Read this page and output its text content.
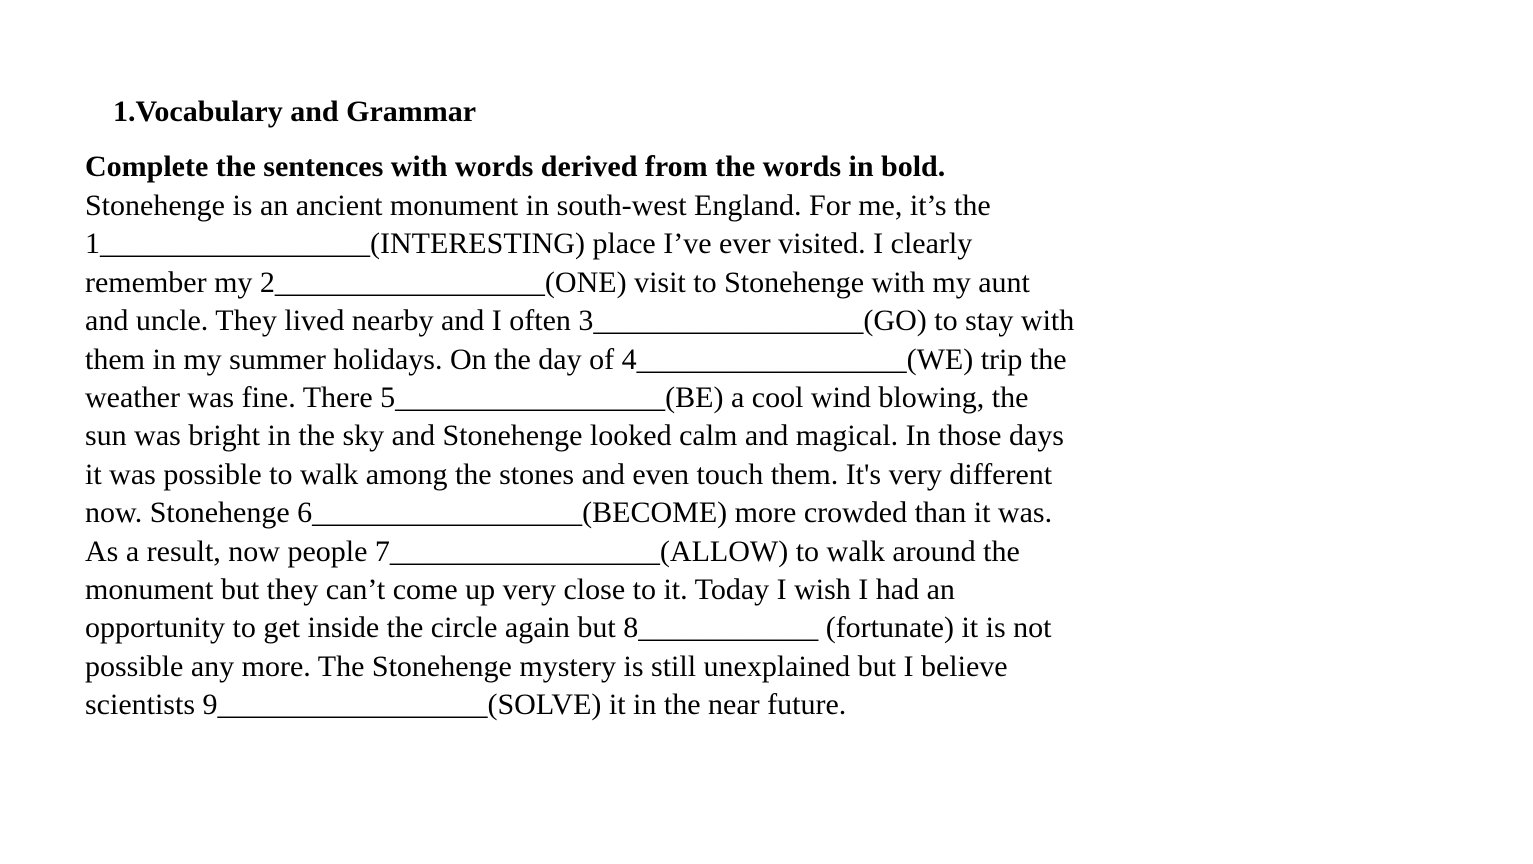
1.Vocabulary and Grammar

Complete the sentences with words derived from the words in bold.

Stonehenge is an ancient monument in south-west England. For me, it’s the
1__________________(INTERESTING) place I’ve ever visited. I clearly
remember my 2__________________(ONE) visit to Stonehenge with my aunt
and uncle. They lived nearby and I often 3__________________(GO) to stay with
them in my summer holidays. On the day of 4__________________(WE) trip the
weather was fine. There 5__________________(BE) a cool wind blowing, the
sun was bright in the sky and Stonehenge looked calm and magical. In those days
it was possible to walk among the stones and even touch them. It's very different
now. Stonehenge 6__________________(BECOME) more crowded than it was.
As a result, now people 7__________________(ALLOW) to walk around the
monument but they can’t come up very close to it. Today I wish I had an
opportunity to get inside the circle again but 8____________ (fortunate) it is not
possible any more. The Stonehenge mystery is still unexplained but I believe
scientists 9__________________(SOLVE) it in the near future.
